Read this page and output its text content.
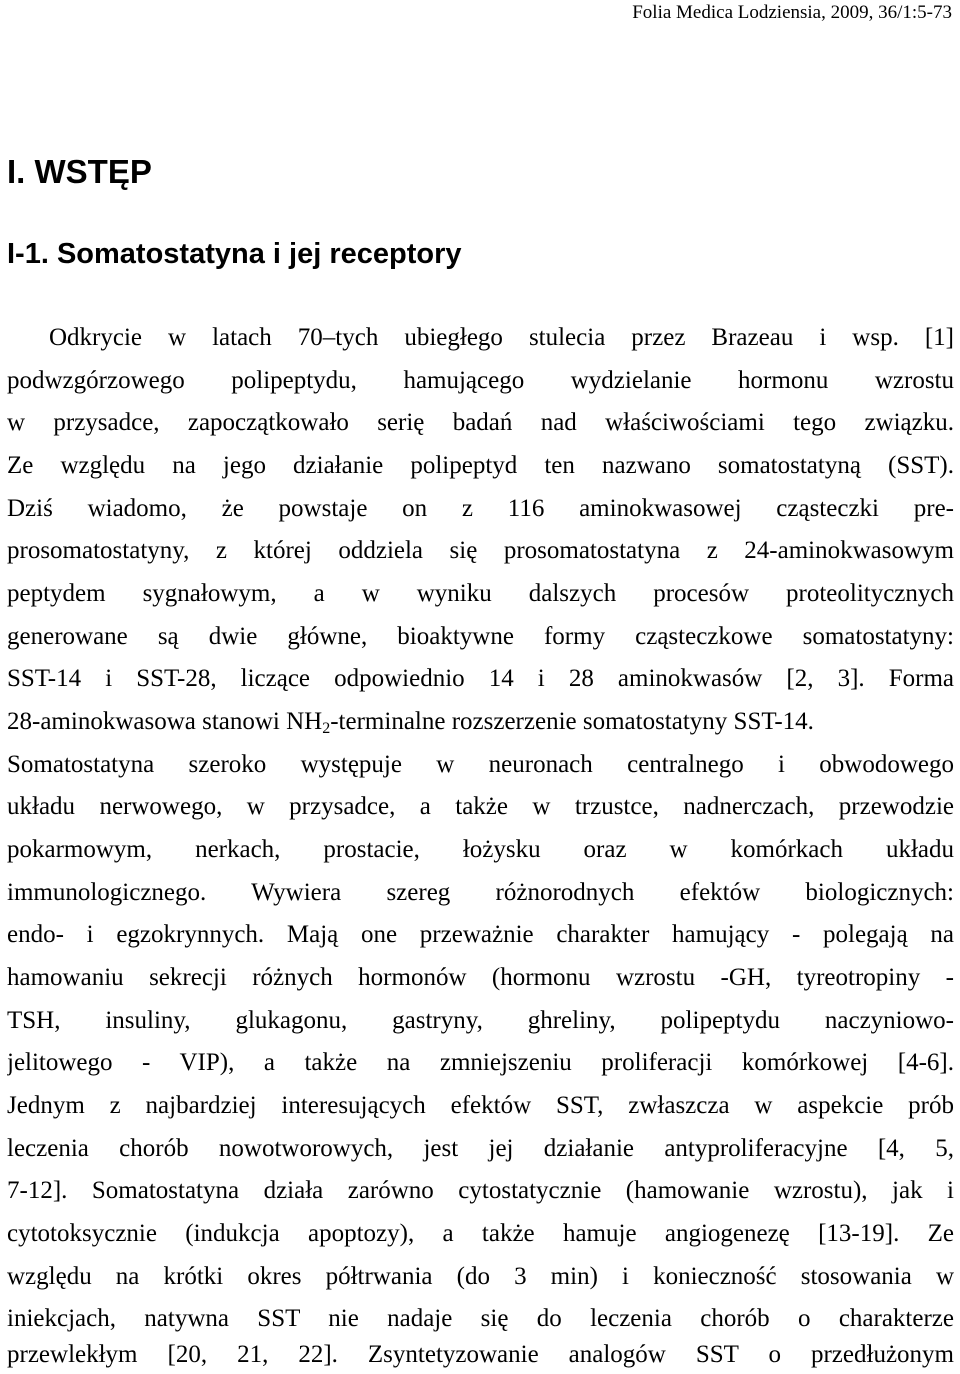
Folia Medica Lodziensia, 2009, 36/1:5-73
I. WSTĘP
I-1. Somatostatyna i jej receptory
Odkrycie w latach 70–tych ubiegłego stulecia przez Brazeau i wsp. [1]
podwzgórzowego polipeptydu, hamującego wydzielanie hormonu wzrostu
w przysadce, zapoczątkowało serię badań nad właściwościami tego związku.
Ze względu na jego działanie polipeptyd ten nazwano somatostatyną (SST).
Dziś wiadomo, że powstaje on z 116 aminokwasowej cząsteczki pre-
prosomatostatyny, z której oddziela się prosomatostatyna z 24-aminokwasowym
peptydem sygnałowym, a w wyniku dalszych procesów proteolitycznych
generowane są dwie główne, bioaktywne formy cząsteczkowe somatostatyny:
SST-14 i SST-28, liczące odpowiednio 14 i 28 aminokwasów [2, 3]. Forma
28-aminokwasowa stanowi $NH_2$-terminalne rozszerzenie somatostatyny SST-14.
Somatostatyna szeroko występuje w neuronach centralnego i obwodowego
układu nerwowego, w przysadce, a także w trzustce, nadnerczach, przewodzie
pokarmowym, nerkach, prostacie, łożysku oraz w komórkach układu
immunologicznego. Wywiera szereg różnorodnych efektów biologicznych:
endo- i egzokrynnych. Mają one przeważnie charakter hamujący - polegają na
hamowaniu sekrecji różnych hormonów (hormonu wzrostu -GH, tyreotropiny -
TSH, insuliny, glukagonu, gastryny, ghreliny, polipeptydu naczyniowo-
jelitowego - VIP), a także na zmniejszeniu proliferacji komórkowej [4-6].
Jednym z najbardziej interesujących efektów SST, zwłaszcza w aspekcie prób
leczenia chorób nowotworowych, jest jej działanie antyproliferacyjne [4, 5,
7-12]. Somatostatyna działa zarówno cytostatycznie (hamowanie wzrostu), jak i
cytotoksycznie (indukcja apoptozy), a także hamuje angiogenezę [13-19]. Ze
względu na krótki okres półtrwania (do 3 min) i konieczność stosowania w
iniekcjach, natywna SST nie nadaje się do leczenia chorób o charakterze
przewlekłym [20, 21, 22]. Zsyntetyzowanie analogów SST o przedłużonym
